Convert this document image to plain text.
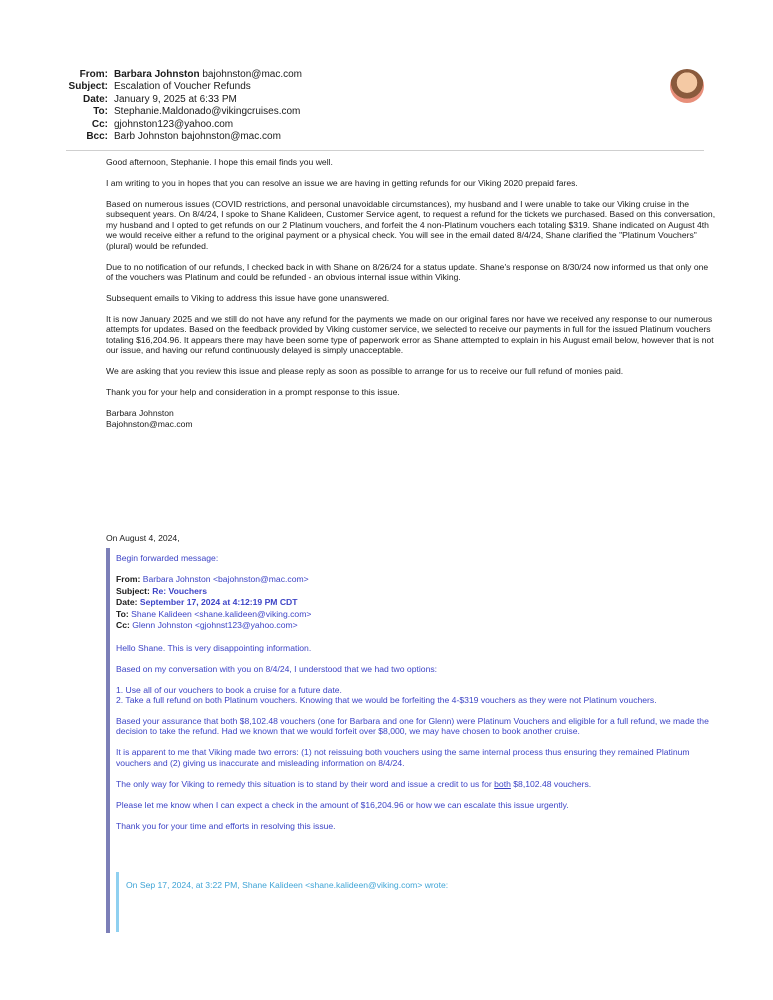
From: Barbara Johnston bajohnston@mac.com
Subject: Escalation of Voucher Refunds
Date: January 9, 2025 at 6:33 PM
To: Stephanie.Maldonado@vikingcruises.com
Cc: gjohnston123@yahoo.com
Bcc: Barb Johnston bajohnston@mac.com

Good afternoon, Stephanie. I hope this email finds you well.

I am writing to you in hopes that you can resolve an issue we are having in getting refunds for our Viking 2020 prepaid fares.

Based on numerous issues (COVID restrictions, and personal unavoidable circumstances), my husband and I were unable to take our Viking cruise in the subsequent years. On 8/4/24, I spoke to Shane Kalideen, Customer Service agent, to request a refund for the tickets we purchased. Based on this conversation, my husband and I opted to get refunds on our 2 Platinum vouchers, and forfeit the 4 non-Platinum vouchers each totaling $319. Shane indicated on August 4th we would receive either a refund to the original payment or a physical check. You will see in the email dated 8/4/24, Shane clarified the "Platinum Vouchers" (plural) would be refunded.

Due to no notification of our refunds, I checked back in with Shane on 8/26/24 for a status update. Shane's response on 8/30/24 now informed us that only one of the vouchers was Platinum and could be refunded - an obvious internal issue within Viking.

Subsequent emails to Viking to address this issue have gone unanswered.

It is now January 2025 and we still do not have any refund for the payments we made on our original fares nor have we received any response to our numerous attempts for updates. Based on the feedback provided by Viking customer service, we selected to receive our payments in full for the issued Platinum vouchers totaling $16,204.96. It appears there may have been some type of paperwork error as Shane attempted to explain in his August email below, however that is not our issue, and having our refund continuously delayed is simply unacceptable.

We are asking that you review this issue and please reply as soon as possible to arrange for us to receive our full refund of monies paid.

Thank you for your help and consideration in a prompt response to this issue.

Barbara Johnston
Bajohnston@mac.com
On August 4, 2024,

Begin forwarded message:

From: Barbara Johnston <bajohnston@mac.com>
Subject: Re: Vouchers
Date: September 17, 2024 at 4:12:19 PM CDT
To: Shane Kalideen <shane.kalideen@viking.com>
Cc: Glenn Johnston <gjohnst123@yahoo.com>

Hello Shane. This is very disappointing information.

Based on my conversation with you on 8/4/24, I understood that we had two options:

1. Use all of our vouchers to book a cruise for a future date.
2. Take a full refund on both Platinum vouchers. Knowing that we would be forfeiting the 4-$319 vouchers as they were not Platinum vouchers.

Based your assurance that both $8,102.48 vouchers (one for Barbara and one for Glenn) were Platinum Vouchers and eligible for a full refund, we made the decision to take the refund. Had we known that we would forfeit over $8,000, we may have chosen to book another cruise.

It is apparent to me that Viking made two errors: (1) not reissuing both vouchers using the same internal process thus ensuring they remained Platinum vouchers and (2) giving us inaccurate and misleading information on 8/4/24.

The only way for Viking to remedy this situation is to stand by their word and issue a credit to us for both $8,102.48 vouchers.

Please let me know when I can expect a check in the amount of $16,204.96 or how we can escalate this issue urgently.

Thank you for your time and efforts in resolving this issue.

On Sep 17, 2024, at 3:22 PM, Shane Kalideen <shane.kalideen@viking.com> wrote:
